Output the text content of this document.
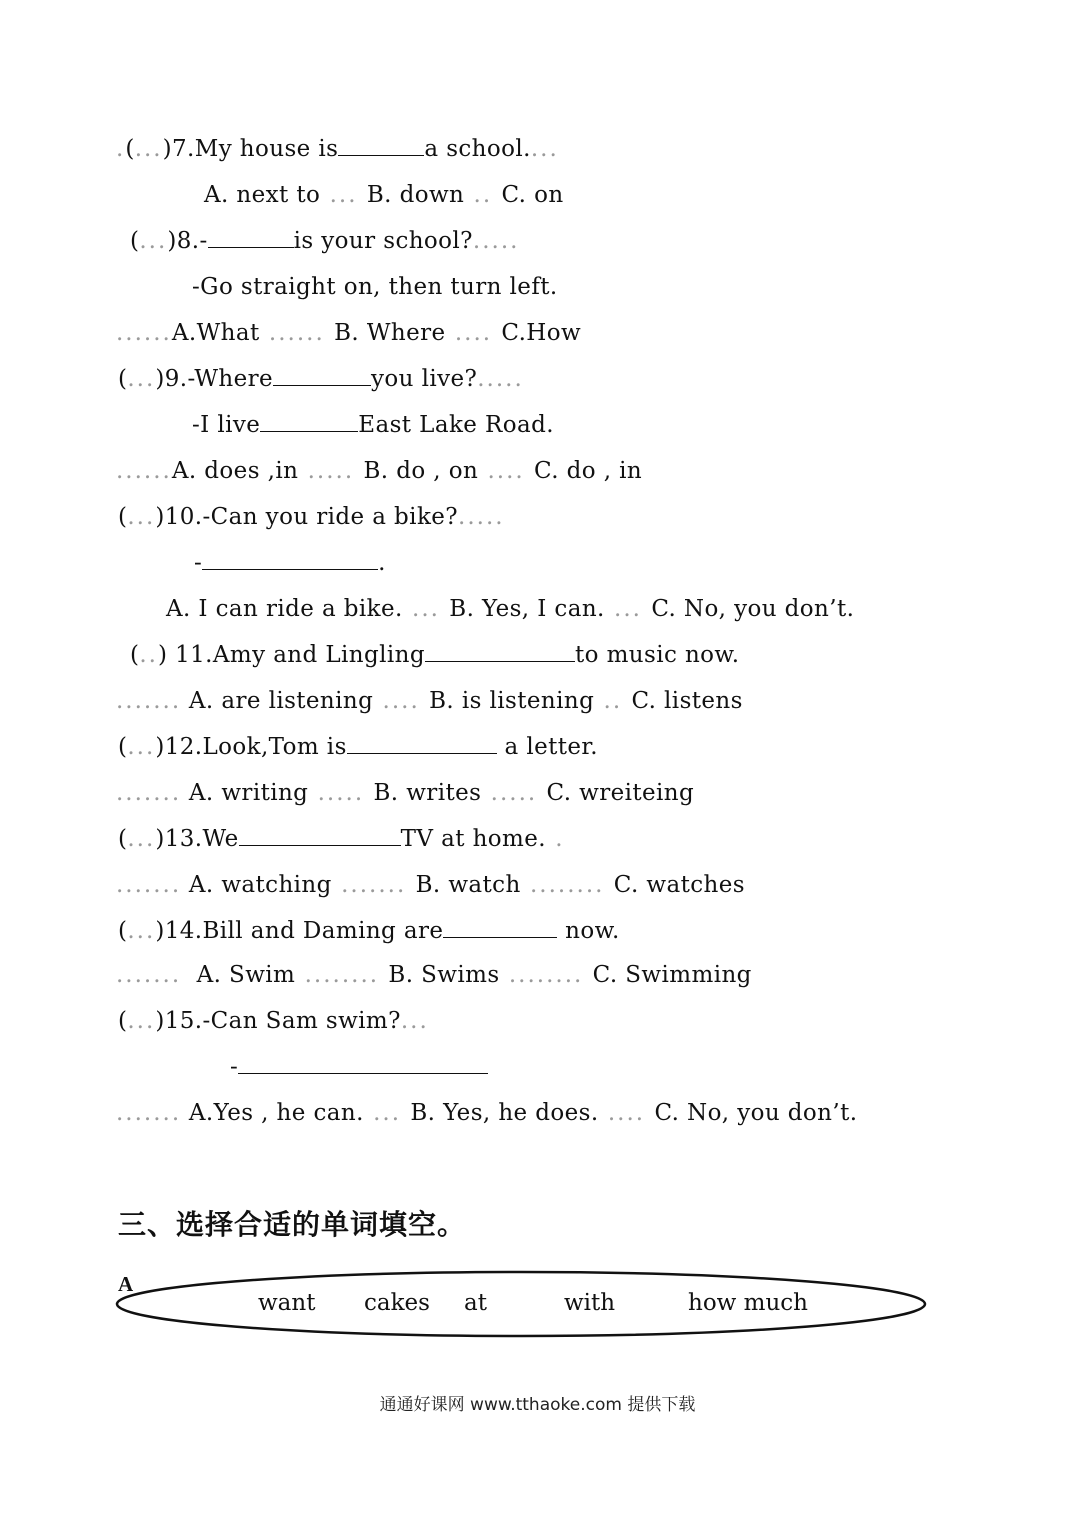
.(...)7.My house is	a school....
A. next to ... B. down .. C. on
(...)8.-	is your school?.....
-Go straight on, then turn left.
......A.What ...... B. Where .... C.How
(...)9.-Where	you live?.....
-I live	East Lake Road.
......A. does ,in ..... B. do , on .... C. do , in
(...)10.-Can you ride a bike?.....
-	.
A. I can ride a bike. ... B. Yes, I can. ... C. No, you don’t.
(..) 11.Amy and Lingling	to music now.
....... A. are listening .... B. is listening .. C. listens
(...)12.Look,Tom is	a letter.
....... A. writing ..... B. writes ..... C. wreiteing
(...)13.We	TV at home. .
....... A. watching ....... B. watch ........ C. watches
(...)14.Bill and Daming are	now.
....... A. Swim ........ B. Swims ........ C. Swimming
(...)15.-Can Sam swim?...
-
....... A.Yes , he can. ... B. Yes, he does. .... C. No, you don’t.
三、选择合适的单词填空。
A
want cakes at	with	how much
通通好课网 www.tthaoke.com 提供下载
